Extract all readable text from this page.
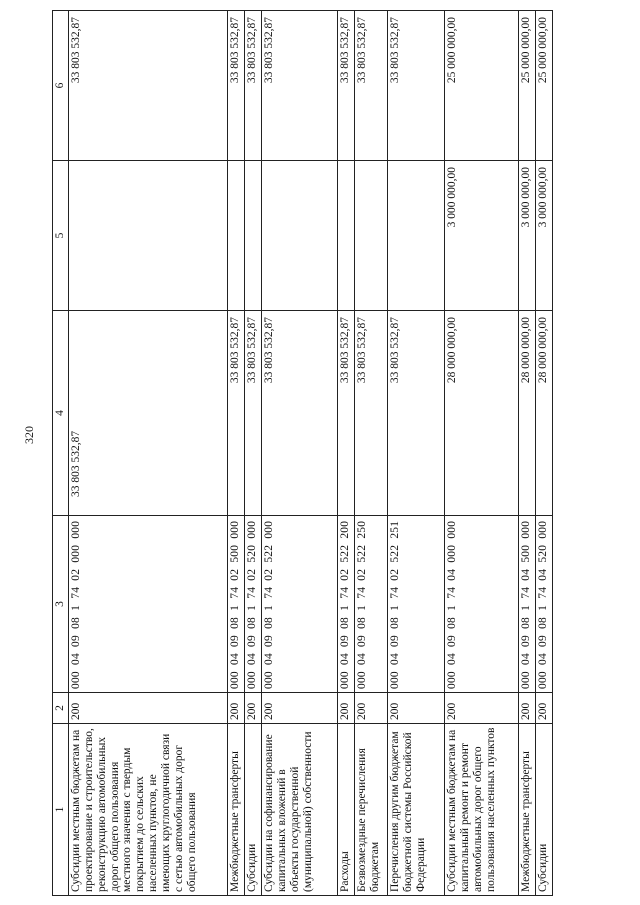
320
1	2	3	4	5	6
Субсидии местным бюджетам на проектирование и строительство, реконструкцию автомобильных дорог общего пользования местного значения с твердым покрытием до сельских населенных пунктов, не имеющих круглогодичной связи с сетью автомобильных дорог общего пользования	200	000  04  09  08  1  74  02  000  000	33 803 532,87		33 803 532,87
Межбюджетные трансферты	200	000  04  09  08  1  74  02  500  000	33 803 532,87		33 803 532,87
Субсидии	200	000  04  09  08  1  74  02  520  000	33 803 532,87		33 803 532,87
Субсидии на софинансирование капитальных вложений в объекты государственной (муниципальной) собственности	200	000  04  09  08  1  74  02  522  000	33 803 532,87		33 803 532,87
Расходы	200	000  04  09  08  1  74  02  522  200	33 803 532,87		33 803 532,87
Безвозмездные перечисления бюджетам	200	000  04  09  08  1  74  02  522  250	33 803 532,87		33 803 532,87
Перечисления другим бюджетам бюджетной системы Российской Федерации	200	000  04  09  08  1  74  02  522  251	33 803 532,87		33 803 532,87
Субсидии местным бюджетам на капитальный ремонт и ремонт автомобильных дорог общего пользования населенных пунктов	200	000  04  09  08  1  74  04  000  000	28 000 000,00	3 000 000,00	25 000 000,00
Межбюджетные трансферты	200	000  04  09  08  1  74  04  500  000	28 000 000,00	3 000 000,00	25 000 000,00
Субсидии	200	000  04  09  08  1  74  04  520  000	28 000 000,00	3 000 000,00	25 000 000,00
